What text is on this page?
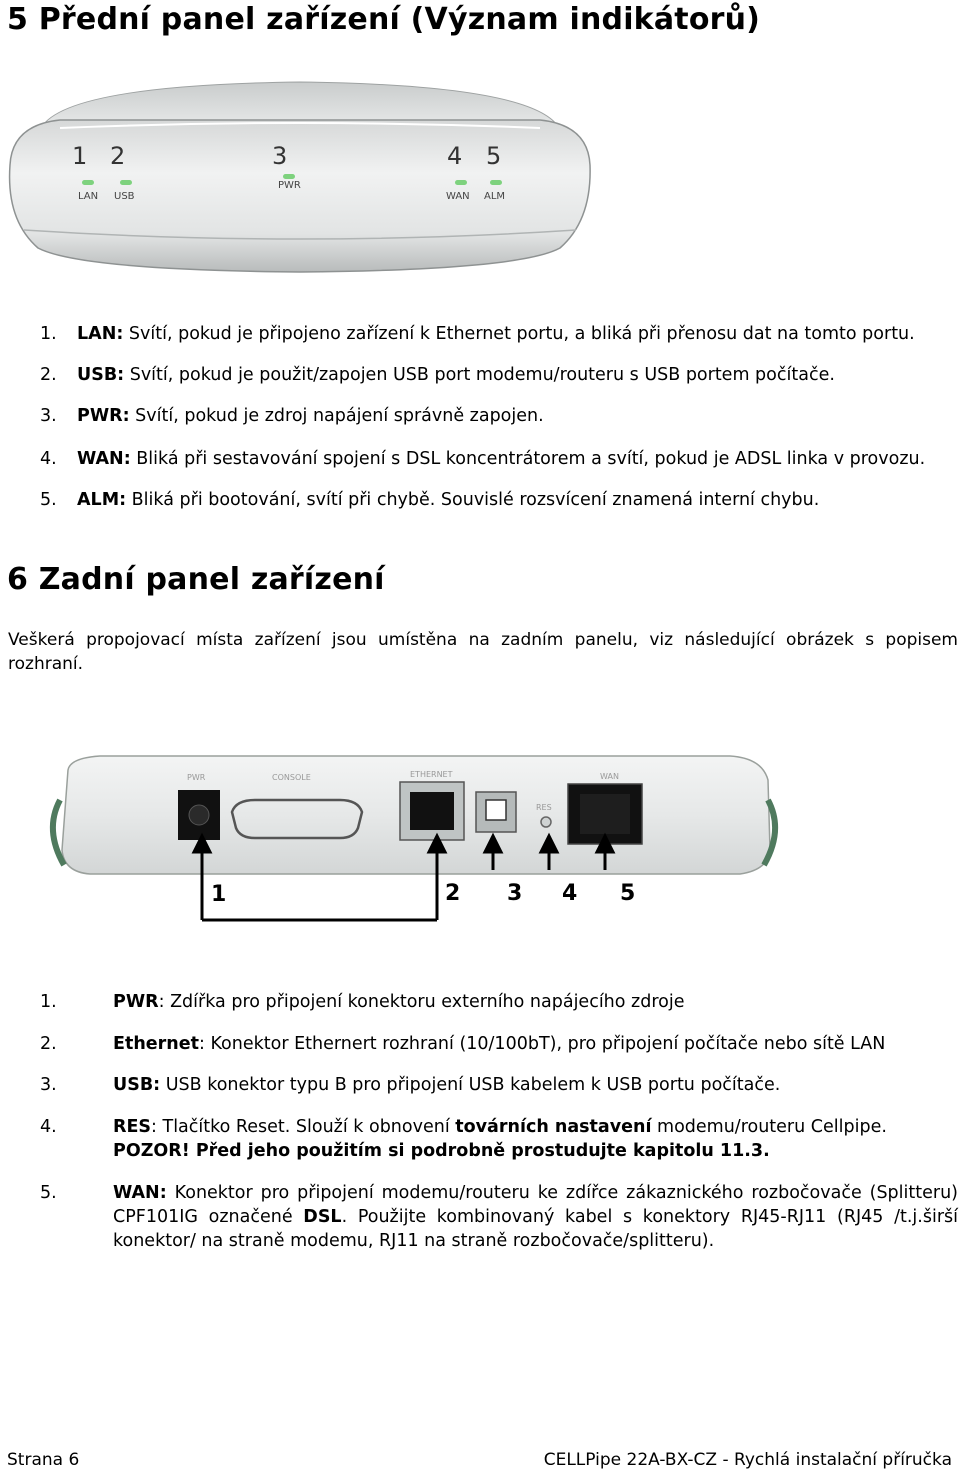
5 Přední panel zařízení (Význam indikátorů)
1 2	3	4 5
LAN USB
PWR
WAN ALM
1. LAN: Svítí, pokud je připojeno zařízení k Ethernet portu, a bliká při přenosu dat na tomto portu.
2. USB: Svítí, pokud je použit/zapojen USB port modemu/routeru s USB portem počítače.
3. PWR: Svítí, pokud je zdroj napájení správně zapojen.
4. WAN: Bliká při sestavování spojení s DSL koncentrátorem a svítí, pokud je ADSL linka v provozu.
5. ALM: Bliká při bootování, svítí při chybě. Souvislé rozsvícení znamená interní chybu.
6 Zadní panel zařízení
Veškerá propojovací místa zařízení jsou umístěna na zadním panelu, viz následující obrázek s popisem rozhraní.
PWR	CONSOLE	ETHERNET
RES
WAN
1	2 3 4 5
1.	PWR: Zdířka pro připojení konektoru externího napájecího zdroje
2.	Ethernet: Konektor Ethernert rozhraní (10/100bT), pro připojení počítače nebo sítě LAN
3.	USB: USB konektor typu B pro připojení USB kabelem k USB portu počítače.
4.	RES: Tlačítko Reset. Slouží k obnovení továrních nastavení modemu/routeru Cellpipe.
POZOR! Před jeho použitím si podrobně prostudujte kapitolu 11.3.
5.	WAN: Konektor pro připojení modemu/routeru ke zdířce zákaznického rozbočovače (Splitteru) CPF101IG označené DSL. Použijte kombinovaný kabel s konektory RJ45-RJ11 (RJ45 /t.j.širší konektor/ na straně modemu, RJ11 na straně rozbočovače/splitteru).
Strana 6	CELLPipe 22A-BX-CZ - Rychlá instalační příručka
